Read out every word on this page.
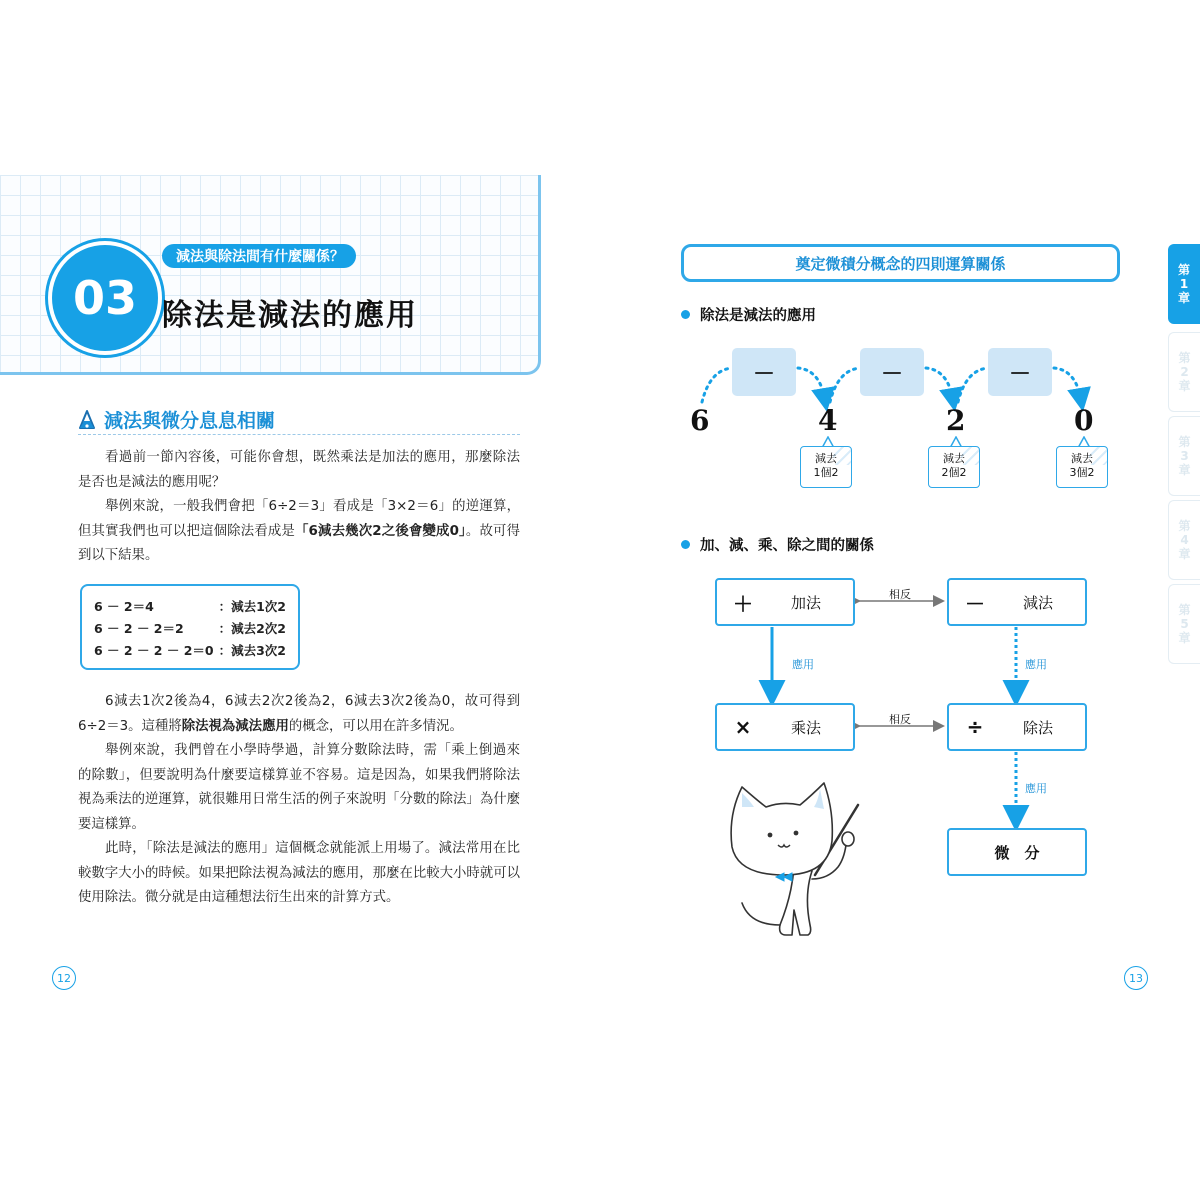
03
減法與除法間有什麼關係？
除法是減法的應用
減法與微分息息相關

看過前一節內容後，可能你會想，既然乘法是加法的應用，那麼除法是否也是減法的應用呢？

舉例來說，一般我們會把「6÷2＝3」看成是「3×2＝6」的逆運算，但其實我們也可以把這個除法看成是「6減去幾次2之後會變成0」。故可得到以下結果。

6 － 2＝4	：減去1次2
6 － 2 － 2＝2	：減去2次2
6 － 2 － 2 － 2＝0 ：減去3次2

6減去1次2後為4，6減去2次2後為2，6減去3次2後為0，故可得到6÷2＝3。這種將除法視為減法應用的概念，可以用在許多情況。

舉例來說，我們曾在小學時學過，計算分數除法時，需「乘上倒過來的除數」，但要說明為什麼要這樣算並不容易。這是因為，如果我們將除法視為乘法的逆運算，就很難用日常生活的例子來說明「分數的除法」為什麼要這樣算。

此時，「除法是減法的應用」這個概念就能派上用場了。減法常用在比較數字大小的時候。如果把除法視為減法的應用，那麼在比較大小時就可以使用除法。微分就是由這種想法衍生出來的計算方式。

12
奠定微積分概念的四則運算關係
除法是減法的應用
－	－	－
6	4	2	0
減去
1個2
減去
2個2
減去
3個2
加、減、乘、除之間的關係
＋	加法	－	減法
×	乘法	÷	除法
微　分
相反
相反
應用	應用
應用
13
第
1
章
第
2
章
第
3
章
第
4
章
第
5
章
